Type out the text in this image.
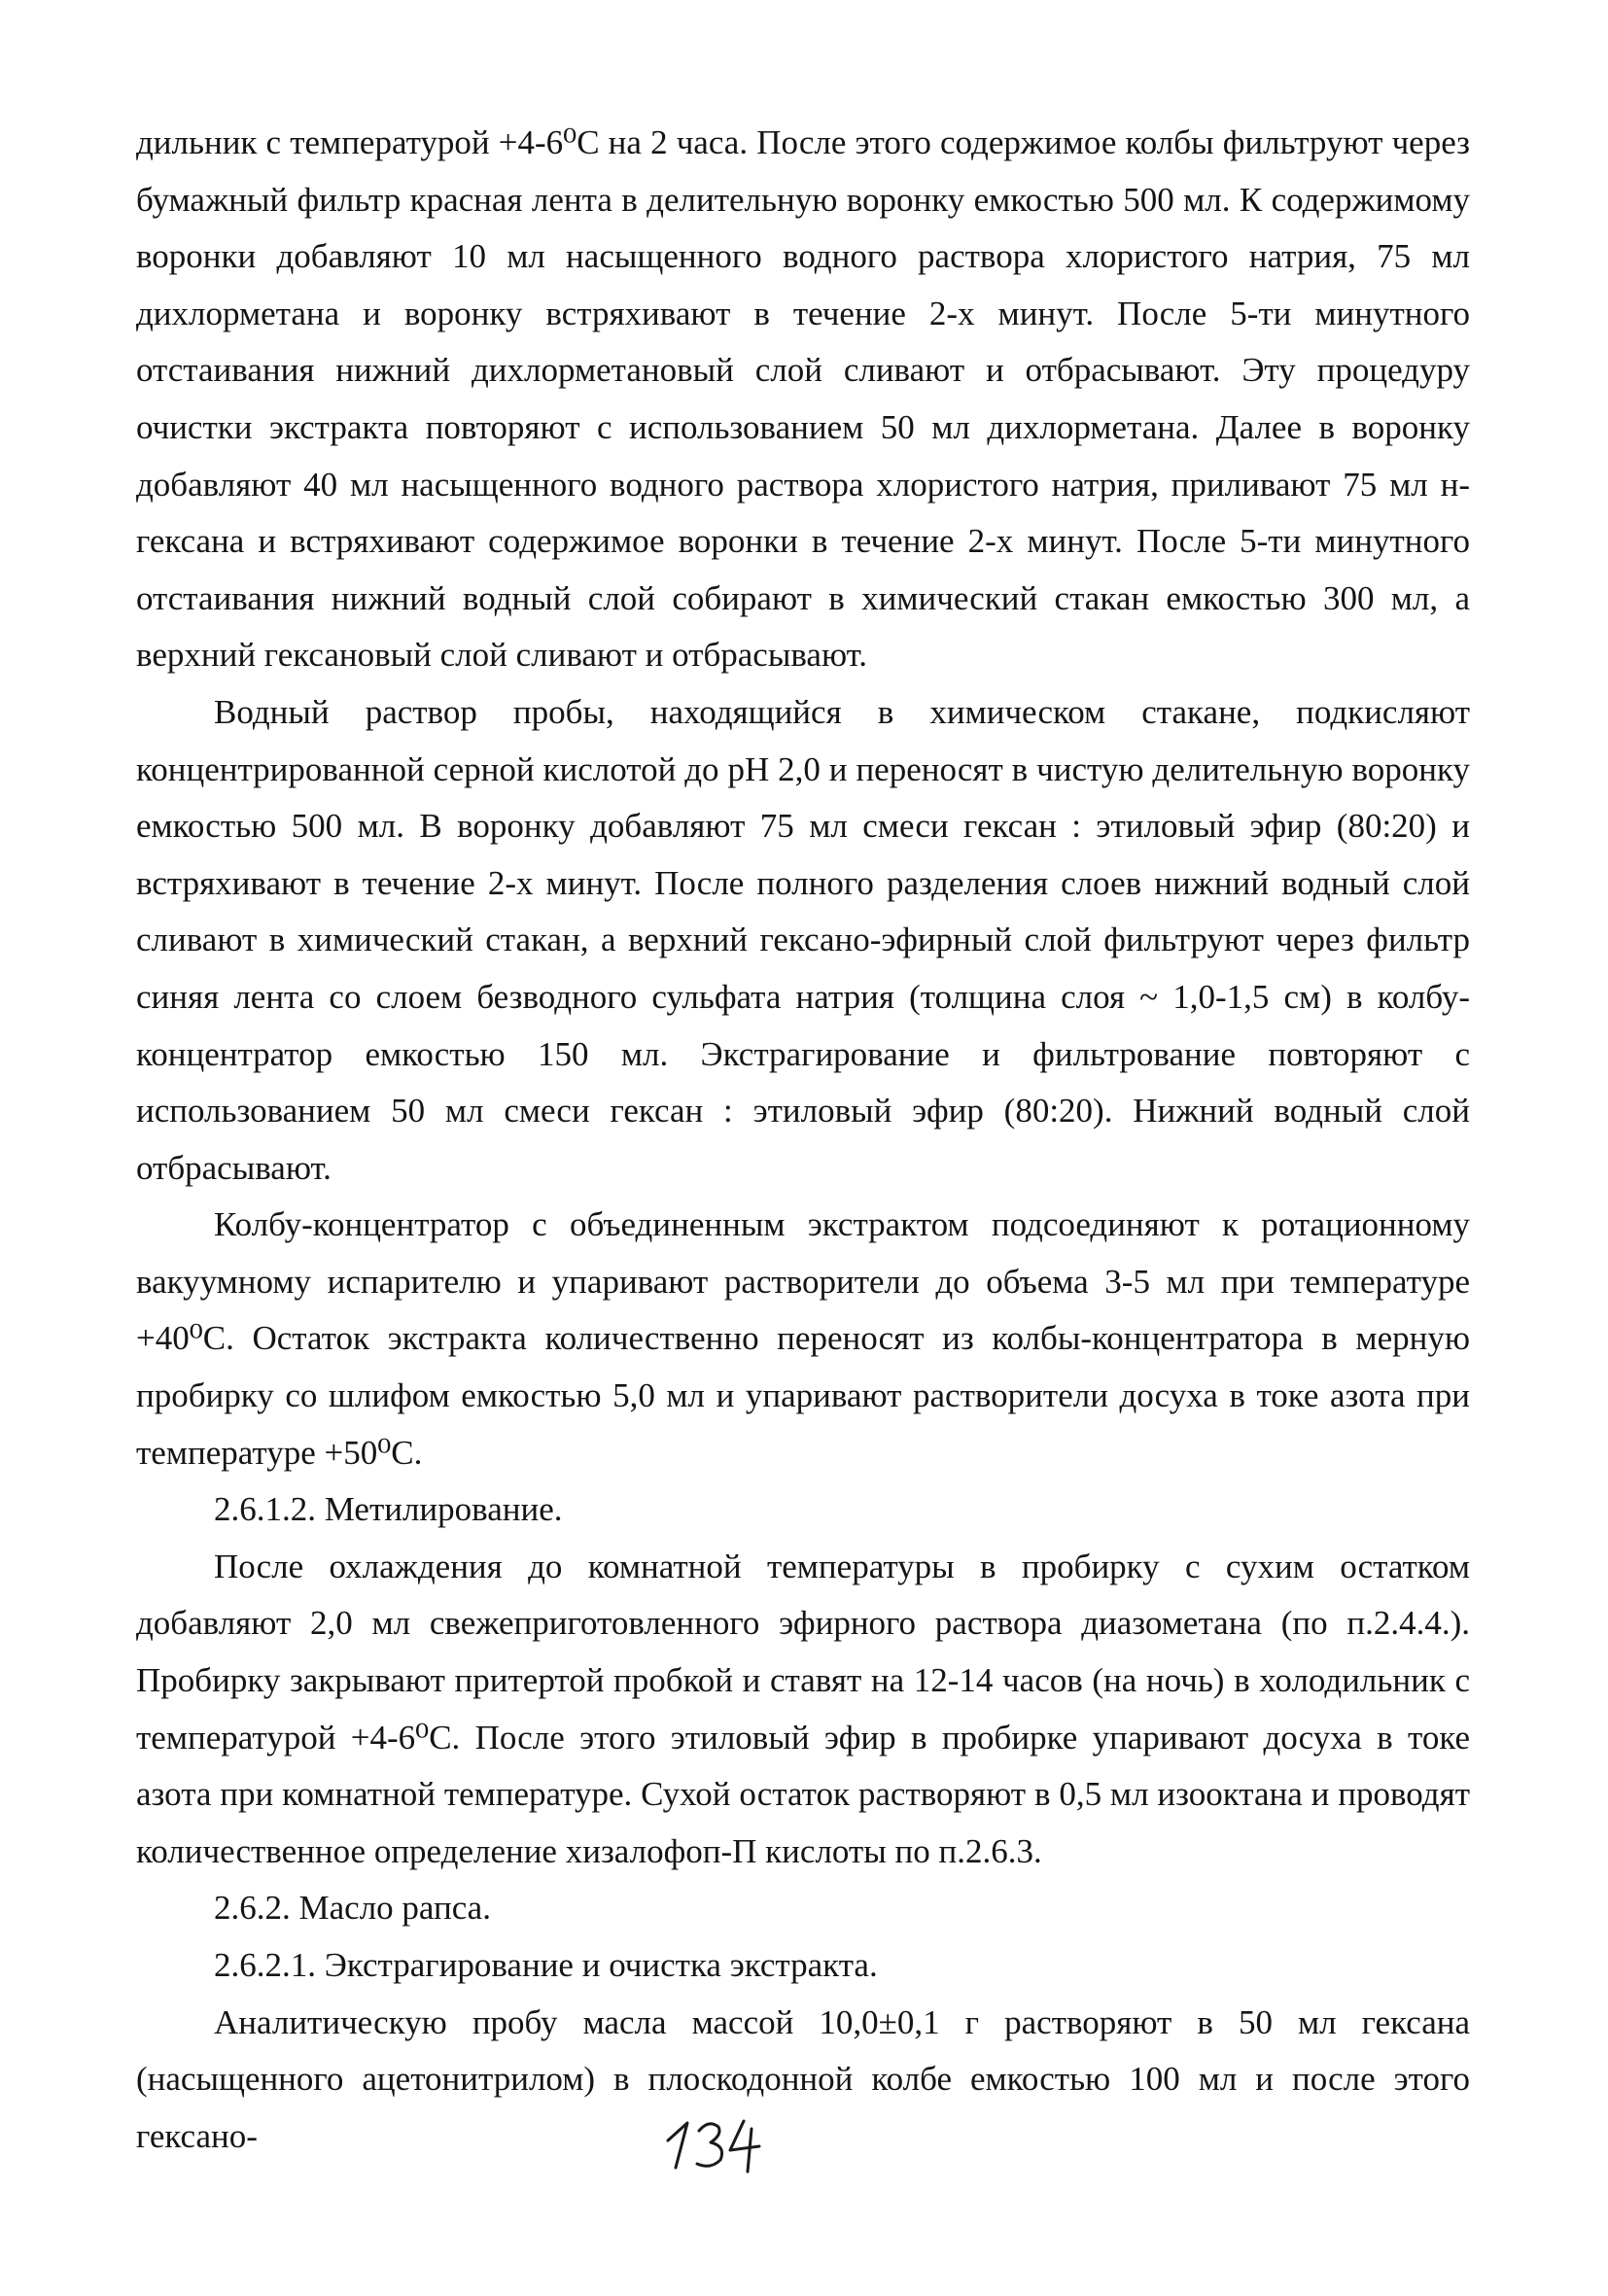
дильник с температурой +4-6⁰C на 2 часа. После этого содержимое колбы фильтруют через бумажный фильтр красная лента в делительную воронку емкостью 500 мл. К содержимому воронки добавляют 10 мл насыщенного водного раствора хлористого натрия, 75 мл дихлорметана и воронку встряхивают в течение 2-х минут. После 5-ти минутного отстаивания нижний дихлорметановый слой сливают и отбрасывают. Эту процедуру очистки экстракта повторяют с использованием 50 мл дихлорметана. Далее в воронку добавляют 40 мл насыщенного водного раствора хлористого натрия, приливают 75 мл н-гексана и встряхивают содержимое воронки в течение 2-х минут. После 5-ти минутного отстаивания нижний водный слой собирают в химический стакан емкостью 300 мл, а верхний гексановый слой сливают и отбрасывают.

Водный раствор пробы, находящийся в химическом стакане, подкисляют концентрированной серной кислотой до pH 2,0 и переносят в чистую делительную воронку емкостью 500 мл. В воронку добавляют 75 мл смеси гексан : этиловый эфир (80:20) и встряхивают в течение 2-х минут. После полного разделения слоев нижний водный слой сливают в химический стакан, а верхний гексано-эфирный слой фильтруют через фильтр синяя лента со слоем безводного сульфата натрия (толщина слоя ~ 1,0-1,5 см) в колбу-концентратор емкостью 150 мл. Экстрагирование и фильтрование повторяют с использованием 50 мл смеси гексан : этиловый эфир (80:20). Нижний водный слой отбрасывают.

Колбу-концентратор с объединенным экстрактом подсоединяют к ротационному вакуумному испарителю и упаривают растворители до объема 3-5 мл при температуре +40⁰C. Остаток экстракта количественно переносят из колбы-концентратора в мерную пробирку со шлифом емкостью 5,0 мл и упаривают растворители досуха в токе азота при температуре +50⁰C.

2.6.1.2. Метилирование.

После охлаждения до комнатной температуры в пробирку с сухим остатком добавляют 2,0 мл свежеприготовленного эфирного раствора диазометана (по п.2.4.4.). Пробирку закрывают притертой пробкой и ставят на 12-14 часов (на ночь) в холодильник с температурой +4-6⁰C. После этого этиловый эфир в пробирке упаривают досуха в токе азота при комнатной температуре. Сухой остаток растворяют в 0,5 мл изооктана и проводят количественное определение хизалофоп-П кислоты по п.2.6.3.

2.6.2. Масло рапса.

2.6.2.1. Экстрагирование и очистка экстракта.

Аналитическую пробу масла массой 10,0±0,1 г растворяют в 50 мл гексана (насыщенного ацетонитрилом) в плоскодонной колбе емкостью 100 мл и после этого гексано-
